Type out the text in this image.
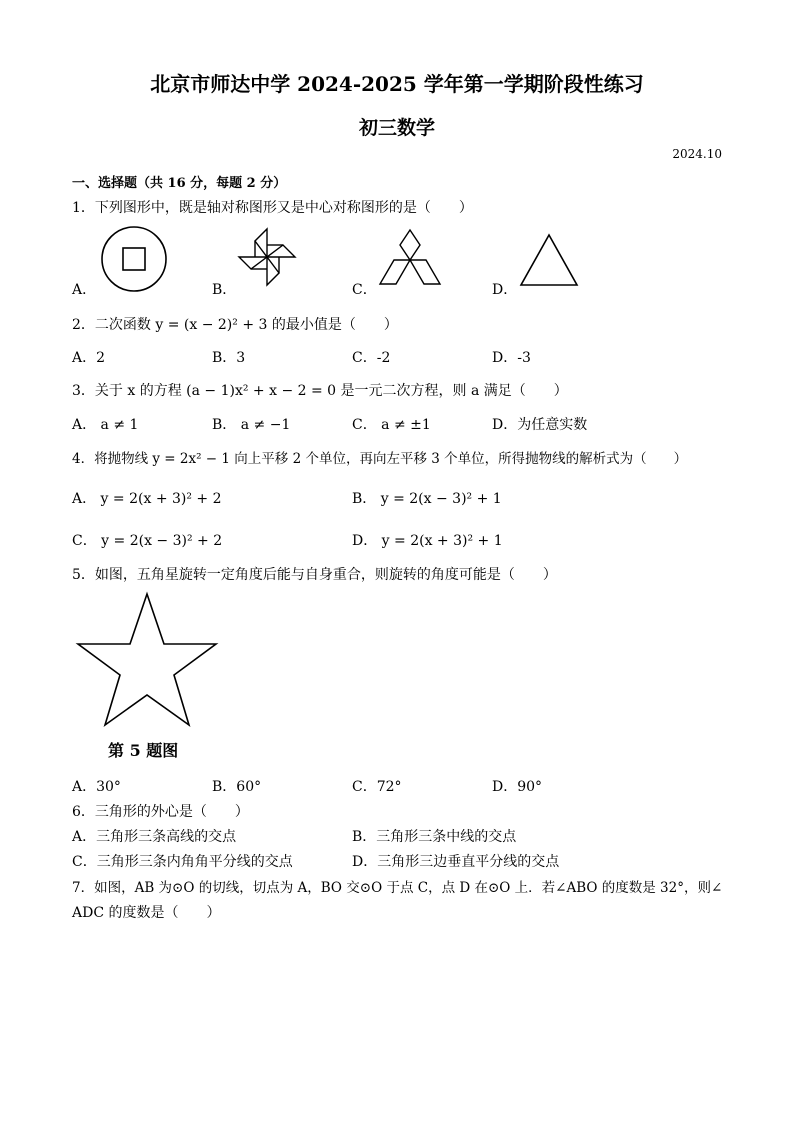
北京市师达中学 2024-2025 学年第一学期阶段性练习
初三数学
2024.10
一、选择题（共 16 分，每题 2 分）
1．下列图形中，既是轴对称图形又是中心对称图形的是（　　）
A．	B．	C．	D．
2．二次函数 y = (x − 2)² + 3 的最小值是（　　）
A．2	B．3	C．-2	D．-3
3．关于 x 的方程 (a − 1)x² + x − 2 = 0 是一元二次方程，则 a 满足（　　）
A． a ≠ 1	B． a ≠ −1	C． a ≠ ±1	D．为任意实数
4．将抛物线 y = 2x² − 1 向上平移 2 个单位，再向左平移 3 个单位，所得抛物线的解析式为（　　）
A． y = 2(x + 3)² + 2	B． y = 2(x − 3)² + 1
C． y = 2(x − 3)² + 2	D． y = 2(x + 3)² + 1
5．如图，五角星旋转一定角度后能与自身重合，则旋转的角度可能是（　　）
第 5 题图
A．30°	B．60°	C．72°	D．90°
6．三角形的外心是（　　）
A．三角形三条高线的交点	B．三角形三条中线的交点
C．三角形三条内角角平分线的交点	D．三角形三边垂直平分线的交点
7．如图，AB 为⊙O 的切线，切点为 A，BO 交⊙O 于点 C，点 D 在⊙O 上．若∠ABO 的度数是 32°，则∠
ADC 的度数是（　　）
